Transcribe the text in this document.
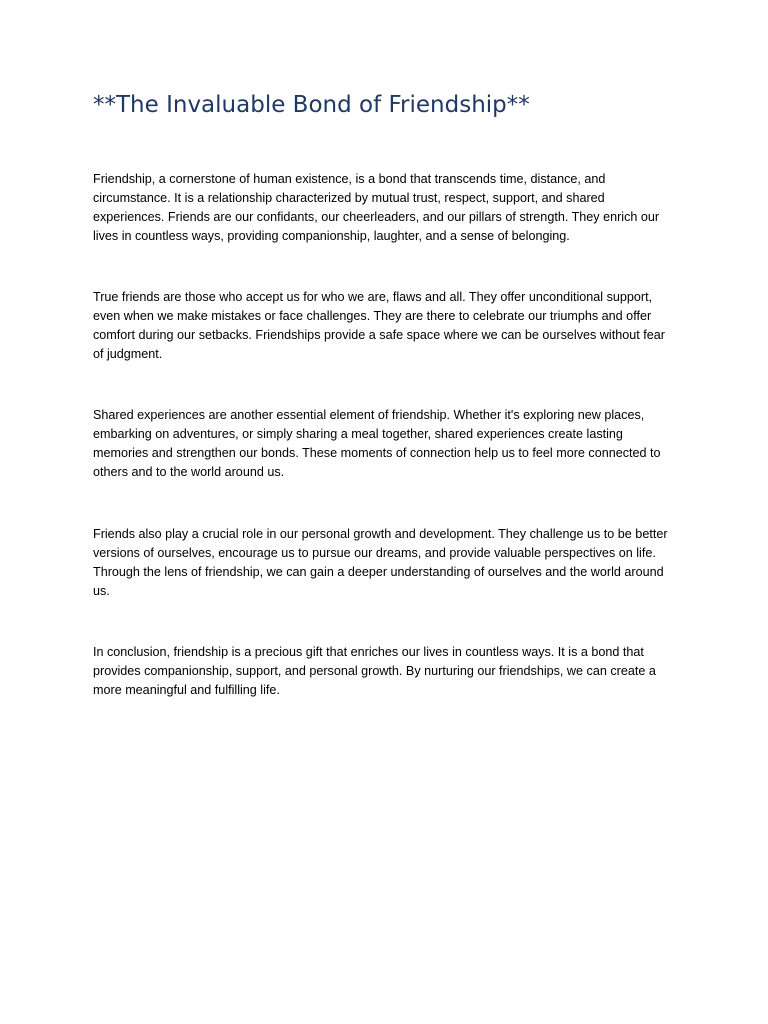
**The Invaluable Bond of Friendship**

Friendship, a cornerstone of human existence, is a bond that transcends time, distance, and circumstance. It is a relationship characterized by mutual trust, respect, support, and shared experiences. Friends are our confidants, our cheerleaders, and our pillars of strength. They enrich our lives in countless ways, providing companionship, laughter, and a sense of belonging.

True friends are those who accept us for who we are, flaws and all. They offer unconditional support, even when we make mistakes or face challenges. They are there to celebrate our triumphs and offer comfort during our setbacks. Friendships provide a safe space where we can be ourselves without fear of judgment.

Shared experiences are another essential element of friendship. Whether it's exploring new places, embarking on adventures, or simply sharing a meal together, shared experiences create lasting memories and strengthen our bonds. These moments of connection help us to feel more connected to others and to the world around us.

Friends also play a crucial role in our personal growth and development. They challenge us to be better versions of ourselves, encourage us to pursue our dreams, and provide valuable perspectives on life. Through the lens of friendship, we can gain a deeper understanding of ourselves and the world around us.

In conclusion, friendship is a precious gift that enriches our lives in countless ways. It is a bond that provides companionship, support, and personal growth. By nurturing our friendships, we can create a more meaningful and fulfilling life.
